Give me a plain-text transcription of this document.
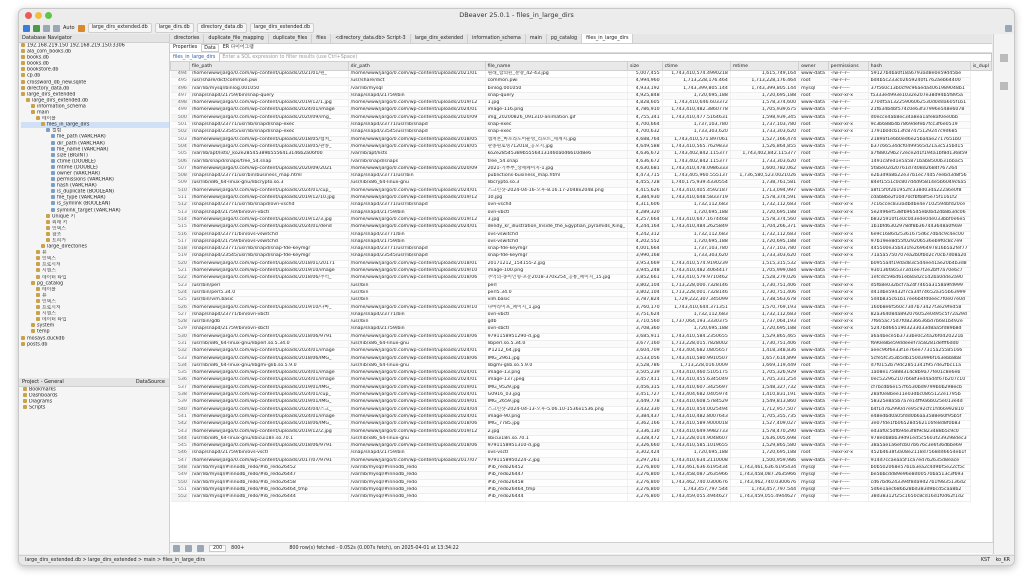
DBeaver 25.0.1 - files_in_large_dirs
Auto	large_dirs_extended.db	large_dirs.db	directory_data.db	large_dirs_extended.db
Database Navigator
192.168.219.150 192.168.219.150:3306
ala_com_books.db
books.db
books.db
bookstore.db
cp.db
crossword_db_new.sqlite
directory_data.db
large_dirs_extended
large_dirs_extended.db
information_schema
main
테이블
files_in_large_dirs
컬럼
file_path (VARCHAR)
dir_path (VARCHAR)
file_name (VARCHAR)
size (BIGINT)
ctime (DOUBLE)
mtime (DOUBLE)
owner (VARCHAR)
permissions (VARCHAR)
hash (VARCHAR)
is_duplicate (BOOLEAN)
file_type (VARCHAR)
is_symlink (BOOLEAN)
symlink_target (VARCHAR)
Unique 키
외래 키
인덱스
참조
트리거
large_directories
뷰
인덱스
프로시저
시퀀스
데이터 타입
pg_catalog
테이블
뷰
인덱스
프로시저
시퀀스
데이터 타입
system
temp
mosays.duckdb
posts.db
Project - General	DataSource
Bookmarks
Dashboards
Diagrams
Scripts
directories	duplicate_file_mapping	duplicate_files	files	<directory_data.db> Script-3	large_dirs_extended	information_schema	main	pg_catalog	files_in_large_dirs
Properties	Data	ER 다이어그램
files_in_large_dirs	Enter a SQL expression to filter results (use Ctrl+Space)
	file_path	dir_path	file_name	size	ctime	mtime	owner	permissions	hash	is_dupl
494	/home/www/jargo/0.com/wp-content/uploads/2021/01/원_	/home/www/jargo/0.com/wp-content/uploads/2021/01	원래_합의된_분양_42-43.jpg	5,007,455	1,743,410,574.4990218	1,615,749,164	www-data	-rw-r--r--	59127b4ba0f18a6793ad8e0e59d45be	
495	/usr/share/dict/common.pwi	/usr/share/dict	common.pwi	4,994,960	1,713,228,176.464	1,713,228,176.464	root	-rw-r--r--	bd4b5c233c02659240f1762aeb64400	
496	/var/lib/mysql/binlog.001050	/var/lib/mysql	binlog.001050	4,933,192	1,743,399,805.144	1,743,399,805.144	mysql	-rw-r-----	37f560c13b0cf9c96aeda4061989048b1	
497	/snap/snapd/21759/bin/snap-query	/snap/snapd/21759/bin	snap-query	4,925,848	1,720,695,188	1,720,695,188	root	-rwxr-xr-x	f5333e4993e1032e207e38d94b5f895a	
498	/home/www/jargo/0.com/wp-content/uploads/2019/12/1.jpg	/home/www/jargo/0.com/wp-content/uploads/2019/12	1.jpg	4,828,605	1,743,410,646.603372	1,578,374,600	www-data	-rw-r--r--	270df5a13225906062530d0dda605f1b1	
499	/home/www/jargo/0.com/wp-content/uploads/2024/01/image	/home/www/jargo/0.com/wp-content/uploads/2024/01	image-116.png	4,786,910	1,743,410,482.3860778	1,705,939,675	www-data	-rw-r--r--	21fb34b4bf574c0e63f37996e548e6078	
500	/home/www/jargo/0.com/wp-content/uploads/2020/09/img_	/home/www/jargo/0.com/wp-content/uploads/2020/09	img_20200826_091310-animation.gif	4,755,341	1,743,410,477.5164631	1,598,939,345	www-data	-rw-r--r--	d0ecce4ab8ec34a8ea1afe8af0ee0bb	
501	/snap/snapd/23771/usr/lib/snapd/snap-exec	/snap/snapd/23771/usr/lib/snapd	snap-exec	4,700,664	1,737,103,780	1,737,103,780	root	-rwxr-xr-x	9c3b688b4b7869defeb7fcc3f6e0519	
502	/snap/snapd/23545/usr/lib/snapd/snap-exec	/snap/snapd/23545/usr/lib/snapd	snap-exec	4,700,632	1,733,303,620	1,733,303,620	root	-rwxr-xr-x	1791b0dcb13fc87475129247c9d685	
503	/home/www/jargo/0.com/wp-content/uploads/2018/05/캡쳐_	/home/www/jargo/0.com/wp-content/uploads/2018/05	캡쳐본_마포라도어운영_리포트_세계지.jpg	4,688,764	1,743,410,571.897061	1,527,166,474	www-data	-rw-r--r--	2189af1e6b0ed6e25ba4ae2717651b0	
504	/home/www/jargo/0.com/wp-content/uploads/2018/05/관종_	/home/www/jargo/0.com/wp-content/uploads/2018/05	관종원로빙712018_공모지.jpg	4,649,588	1,743,410,565.7629833	1,526,864,855	www-data	-rw-r--r--	b37c66534dcf0499565d21a3c535bd15	
505	/var/lib/apt/lists/_ko2e28545389b5556413146b2a06f00	/var/lib/apt/lists	ko2e28545389b55564131460a0d6610d8e6	4,636,672	1,743,402,842.115377	1,743,402,842.115377	root	-rw-r--r--	a7f88029b272ece2d1f194a1bf8d136859	
506	/var/lib/snapd/snaps/tree_54.snap	/var/lib/snapd/snaps	tree_54.snap	4,636,672	1,743,402,842.115377	1,733,303,620	root	-rw-------	1491cafed1e5a5871bab8500b31bbac5	
507	/home/www/jargo/0.com/wp-content/uploads/2020/09/2021	/home/www/jargo/0.com/wp-content/uploads/2020/09	2021-기부부_상세페이지-1.jpg	4,630,681	1,743,410,478.0986333	1,600,782,062	www-data	-rw-r--r--	5fabe02d20761d7408d2684f767264	
508	/snap/snapd/23771/usr/bin/business_map.html	/snap/snapd/23771/usr/bin	publictions-business_map.html	4,473,715	1,743,405,960.555137	1,736,580,523.0021026	www-data	-rw-r--r--	e2b3d9a8b22e37b1ec74d57eebd3d8f56	
509	/usr/lib/x86_64-linux-gnu/libcrypto.so.3	/usr/lib/x86_64-linux-gnu	libcrypto.so.3	4,455,728	1,740,175,939.4330554	1,738,761,581	root	-rw-r--r--	84ef1551c0c807d4d95814e5b6049c6a5	
510	/home/www/jargo/0.com/wp-content/uploads/2024/01/cup_	/home/www/jargo/0.com/wp-content/uploads/2024/01	스크린샷-2024-04-16-오후-8.16.17-2048x2048.png	4,415,626	1,743,410,405.4592187	1,713,094,997	www-data	-rw-r--r--	a8f15f0f2b1952fc338d03da222a6e0f8	
511	/home/www/jargo/0.com/wp-content/uploads/2019/12/10.jpg	/home/www/jargo/0.com/wp-content/uploads/2019/12	10.jpg	4,384,930	1,743,410,648.5833719	1,578,374,591	www-data	-rw-r--r--	cdab8be2f10d70cfbfb8f5e75f1161f2	
512	/snap/snapd/23771/usr/lib/snapd/ovn-vschd	/snap/snapd/23771/usr/lib/snapd	ovn-vschd	4,311,606	1,732,112,683	1,732,112,683	root	-rwxr-xr-x	7c16ccec833adbdbe4e7102594bfd20ce	
513	/snap/snapd/21759/bin/ovn-vbctl	/snap/snapd/21759/bin	ovn-vbctl	4,289,320	1,720,695,188	1,720,695,188	root	-rwxr-xr-x	5e2496ef538fb965d5eb0bd2db8b3dc06	
514	/home/www/jargo/0.com/wp-content/uploads/2019/12/3.jpg	/home/www/jargo/0.com/wp-content/uploads/2019/12	3.jpg	4,257,664	1,743,410,647.1674468	1,578,374,560	www-data	-rw-r--r--	b8325910f1e0c0d3ede04e033bbf0e6e5	
515	/home/www/jargo/0.com/wp-content/uploads/2024/01/dend	/home/www/jargo/0.com/wp-content/uploads/2024/01	dendy_kr_illustration_Inside_the_Egyptian_pyramids_King_	4,244,164	1,743,410,484.2625849	1,704,266,371	www-data	-rw-r--r--	1b1bfd6302978df8b367443648a0f9a9	
516	/snap/snapd/23771/bin/ovs-vswitchd	/snap/snapd/23771/bin	ovs-vswitchd	4,242,312	1,732,112,683	1,732,112,683	root	-rwxr-xr-x	6e9c1686d25361675d6c7db4c9c4ec00	
517	/snap/snapd/21759/bin/ovs-vswitchd	/snap/snapd/21759/bin	ovs-vswitchd	4,202,552	1,720,695,188	1,720,695,188	root	-rwxr-xr-x	97b19ee8d55f029206536eb9f0c8c7e9	
518	/snap/snapd/23771/usr/lib/snapd/snap-fde-keymgr	/snap/snapd/23771/usr/lib/snapd	snap-fde-keymgr	4,001,664	1,737,103,780	1,737,103,780	root	-rwxr-xr-x	445500e35b431fe2696497816b5a2fef77	
519	/snap/snapd/23545/usr/lib/snapd/snap-fde-keymgr	/snap/snapd/23545/usr/lib/snapd	snap-fde-keymgr	3,990,168	1,733,303,620	1,733,303,620	root	-rwxr-xr-x	71a5a5750707ea2b0fb02c70cb7d08a20	
520	/home/www/jargo/0.com/wp-content/uploads/2018/01/20171	/home/www/jargo/0.com/wp-content/uploads/2018/01	20171212_154155-2.jpg	3,953,669	1,743,410,574.9190239	1,515,315,532	www-data	-rw-r--r--	b0955a4f19dad83c5d4ee41ae20b4b3d8	
521	/home/www/jargo/0.com/wp-content/uploads/2019/10/image	/home/www/jargo/0.com/wp-content/uploads/2019/10	image-100.png	3,945,248	1,743,410,482.4064417	1,705,999,084	www-data	-rw-r--r--	930136fa65373d1ee7f2e2bff7a70e6c7	
522	/home/www/jargo/0.com/wp-content/uploads/2018/06/추억_	/home/www/jargo/0.com/wp-content/uploads/2018/06	추억의-종이인형-포문2018-370x254_공룡_페이지_15.jpg	3,852,661	1,743,410,579.9710462	1,528,279,026	www-data	-rw-r--r--	1efcdc59bd61eb8ad2c1d2ba0dde2a90	
523	/usr/bin/perl	/usr/bin	perl	3,802,104	1,713,228,000.7328146	1,730,751,406	root	-rwxr-xr-x	d5fb8e032bcf7a24f7465a3158a9fd999	
524	/usr/bin/perl5.34.0	/usr/bin	perl5.34.0	3,802,104	1,713,228,001.7328146	1,730,751,406	root	-rwxr-xr-x	d41dbe59432f7ca34f74652a355b63999	
525	/usr/bin/vim.basic	/usr/bin	vim.basic	3,787,824	1,729,222,307.345099	1,738,563,678	root	-rwxr-xr-x	5d4b835c61b17ee6b4fd0eec7f0e07e0d	
526	/home/www/jargo/0.com/wp-content/uploads/2019/10/다마_	/home/www/jargo/0.com/wp-content/uploads/2019/10	다마라이프_페이지_1.jpg	3,760,170	1,743,410,644.371351	1,570,769,193	www-data	-rw-r--r--	160b8e6f560c73d7b73427f3e29fed58	
527	/snap/snapd/23771/bin/ovn-vbctl	/snap/snapd/23771/bin	ovn-vbctl	3,751,624	1,732,112,683	1,732,112,683	root	-rwxr-xr-x	82a364084a892076052e0495c5f72a29d	
528	/usr/bin/gdb	/usr/bin	gdb	3,710,560	1,737,064,193.3330375	1,737,064,193	root	-rwxr-xr-x	7f665ac75d7f08236636bd7b681b492e	
529	/snap/snapd/21759/bin/ovn-sbctl	/snap/snapd/21759/bin	ovn-sbctl	3,708,360	1,720,695,188	1,720,695,188	root	-rwxr-xr-x	5247bd6651903233033d8aa5fd89b8d	
530	/home/www/jargo/0.com/wp-content/uploads/2018/06/9791	/home/www/jargo/0.com/wp-content/uploads/2018/06	9791158951290-d.jpg	3,685,911	1,743,410,584.2350655	1,529,865,465	www-data	-rw-r--r--	a6a4bece5b3733be0c24a26f0d20221b	
531	/usr/lib/x86_64-linux-gnu/libperl.so.5.34.0	/usr/lib/x86_64-linux-gnu	libperl.so.5.34.0	3,677,160	1,713,228,015.7828002	1,730,751,406	root	-rw-r--r--	f690e8be59ddeeef7a58281defff6dd0	
532	/home/www/jargo/0.com/wp-content/uploads/2024/01/image	/home/www/jargo/0.com/wp-content/uploads/2024/01	#1212_64.jpg	3,604,709	1,743,404,682.0805657	1,418,348,836	www-data	-rw-r--r--	aeec96f6e33f1e76ee77315a25585166	
533	/home/www/jargo/0.com/wp-content/uploads/2018/06/IMG_	/home/www/jargo/0.com/wp-content/uploads/2018/06	IMG_2961.jpg	3,533,056	1,743,410,580.9910507	1,657,614,899	www-data	-rw-r--r--	5cfe5fc353b5db150d3996f163ebb8b8	
534	/usr/lib/x86_64-linux-gnu/libgmi-glib.so.5.9.0	/usr/lib/x86_64-linux-gnu	libgmi-glib.so.5.9.0	3,528,786	1,713,228,016.0009	1,669,119,449	root	-rw-r--r--	d7f0152b79dc2851341f957de2fbc11a	
535	/home/www/jargo/0.com/wp-content/uploads/2024/01/image	/home/www/jargo/0.com/wp-content/uploads/2024/01	image-13.png	3,505,239	1,743,410,460.5105175	1,705,326,929	www-data	-rw-r--r--	1a08e175888314c8b9a77fe01c8e6eb	
536	/home/www/jargo/0.com/wp-content/uploads/2024/01/image	/home/www/jargo/0.com/wp-content/uploads/2024/01	image-137.jpeg	3,457,411	1,743,410,455.6345049	1,705,331,254	www-data	-rw-r--r--	0ec522962107b68f3ed4ad4f67b207c10	
537	/home/www/jargo/0.com/wp-content/uploads/2019/01/IMG_	/home/www/jargo/0.com/wp-content/uploads/2019/01	IMG_9529.jpg	3,456,315	1,743,410,607.3425697	1,548,327,732	www-data	-rw-r--r--	cf7bcdb6e157f6530bd9799b0b298ecb	
538	/home/www/jargo/0.com/wp-content/uploads/2024/01/cup_	/home/www/jargo/0.com/wp-content/uploads/2024/01	G0916_03.jpg	3,451,727	1,743,404,682.0405974	1,410,831,191	www-data	-rw-r--r--	28af0e8bee11e03dbc0865122e1795b	
539	/home/www/jargo/0.com/wp-content/uploads/2019/01/IMG_	/home/www/jargo/0.com/wp-content/uploads/2019/01	IMG_2659.jpg	3,449,778	1,743,410,608.5784529	1,549,813,860	www-data	-rw-r--r--	58325e8a5b7a7e14ff9a6b025e013e4d	
540	/home/www/jargo/0.com/wp-content/uploads/2024/04/스크_	/home/www/jargo/0.com/wp-content/uploads/2024/04	스크린샷-2024-04-13-오후-5.06.10-1536x1536.png	3,432,330	1,743,410,454.0025494	1,712,957,507	www-data	-rw-r--r--	b4f1d7b2990d7e95c92cfc1fd66992810	
541	/home/www/jargo/0.com/wp-content/uploads/2024/01/image	/home/www/jargo/0.com/wp-content/uploads/2024/01	image-90.png	3,384,437	1,743,410,482.8007643	1,705,355,735	www-data	-rw-r--r--	e48edbd0a05fdd0b6aa3588e60f95b5f	
542	/home/www/jargo/0.com/wp-content/uploads/2018/06/IMG_	/home/www/jargo/0.com/wp-content/uploads/2018/06	IMG_7785.jpg	3,362,166	1,743,410,589.9000018	1,527,409,027	www-data	-rw-r--r--	3e07fde1fb06528d562116fe8d8f0b83	
543	/home/www/jargo/0.com/wp-content/uploads/2019/12/2.jpg	/home/www/jargo/0.com/wp-content/uploads/2019/12	2.jpg	3,336,130	1,743,410,649.9982733	1,578,470,290	www-data	-rw-r--r--	ed3af0c5dfb94e3f8f9c823488b5c9c0	
544	/usr/lib/x86_64-linux-gnu/libicui18n.so.70.1	/usr/lib/x86_64-linux-gnu	libicui18n.so.70.1	3,328,472	1,713,228,014.9048607	1,636,005,698	root	-rw-r--r--	978e0b8bb39d91ed5c5603f239298dec3	
545	/home/www/jargo/0.com/wp-content/uploads/2018/06/9791	/home/www/jargo/0.com/wp-content/uploads/2018/06	9791158951310-d.jpg	3,326,660	1,743,410,585.1019655	1,529,865,580	www-data	-rw-r--r--	38a5ae1a6efcb07b676c3e6f36dbbe69	
546	/snap/snapd/21759/bin/ovs-vsctl	/snap/snapd/21759/bin	ovs-vsctl	3,302,424	1,720,695,188	1,720,695,188	root	-rwxr-xr-x	452b4638f3a08e2118d7568dd6654eb1f	
547	/home/www/jargo/0.com/wp-content/uploads/2017/07/9791	/home/www/jargo/0.com/wp-content/uploads/2017/07	9791158950224-2.jpg	3,297,261	1,743,410,634.2110008	1,500,959,986	www-data	-rw-r--r--	914d7ccaeaa5f1ca7ed7b2635d8eace	
548	/var/lib/mysql/#innodb_redo/#ib_redo26452	/var/lib/mysql/#innodb_redo	#ib_redo26452	3,276,800	1,743,461,636.6195434	1,743,461,636.6195434	mysql	-rw-r-----	b0b502068e57b1b3ea2c4d9bf5e22cf5c	
549	/var/lib/mysql/#innodb_redo/#ib_redo26447	/var/lib/mysql/#innodb_redo	#ib_redo26447	3,276,800	1,743,458,087.2635966	1,743,458,087.2635966	mysql	-rw-r-----	be5bbcdd89e96e8d00570ba513c3f693	
550	/var/lib/mysql/#innodb_redo/#ib_redo26458	/var/lib/mysql/#innodb_redo	#ib_redo26458	3,276,800	1,743,462,740.0300676	1,743,462,740.0300676	mysql	-rw-r-----	cd67bd6243394f8da9d27b1f9835136d2	
551	/var/lib/mysql/#innodb_redo/#ib_redo26464_tmp	/var/lib/mysql/#innodb_redo	#ib_redo26464_tmp	3,276,800	1,743,457,797.544	1,743,457,797.544	mysql	-rw-r-----	5d6e1aec686b28bd383d9bcd5caa8b2	
552	/var/lib/mysql/#innodb_redo/#ib_redo26444	/var/lib/mysql/#innodb_redo	#ib_redo26444	3,276,800	1,743,459,055.4944627	1,743,459,055.4944627	mysql	-rw-r-----	38d38312f25c1650c8cd16d1f0d62f1d2	
200	800+	800 row(s) fetched - 0.052s (0.007s fetch), on 2025-04-01 at 13:34:22
large_dirs_extended.db > large_dirs_extended > main > files_in_large_dirs	KST ko_KR
